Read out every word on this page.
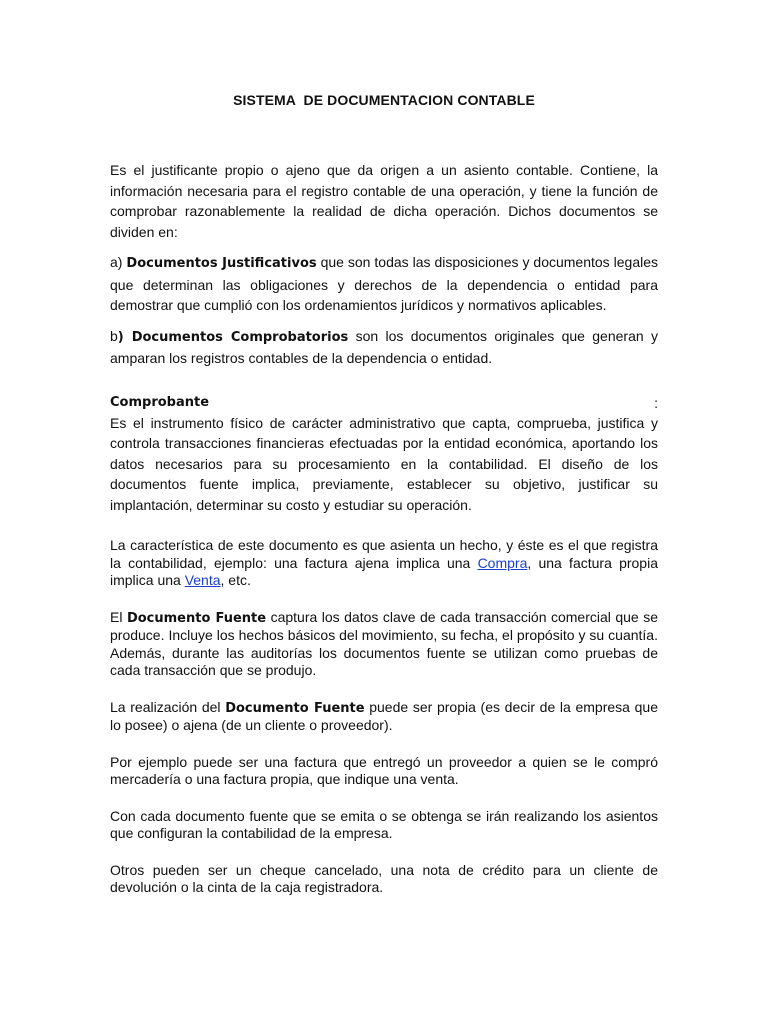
SISTEMA  DE DOCUMENTACION CONTABLE

Es el justificante propio o ajeno que da origen a un asiento contable. Contiene, la información necesaria para el registro contable de una operación, y tiene la función de comprobar razonablemente la realidad de dicha operación. Dichos documentos se dividen en:

a) Documentos Justificativos que son todas las disposiciones y documentos legales que determinan las obligaciones y derechos de la dependencia o entidad para demostrar que cumplió con los ordenamientos jurídicos y normativos aplicables.

b) Documentos Comprobatorios son los documentos originales que generan y amparan los registros contables de la dependencia o entidad.

Comprobante	:

Es el instrumento físico de carácter administrativo que capta, comprueba, justifica y controla transacciones financieras efectuadas por la entidad económica, aportando los datos necesarios para su procesamiento en la contabilidad. El diseño de los documentos fuente implica, previamente, establecer su objetivo, justificar su implantación, determinar su costo y estudiar su operación.

La característica de este documento es que asienta un hecho, y éste es el que registra la contabilidad, ejemplo: una factura ajena implica una Compra, una factura propia implica una Venta, etc.

El Documento Fuente captura los datos clave de cada transacción comercial que se produce. Incluye los hechos básicos del movimiento, su fecha, el propósito y su cuantía. Además, durante las auditorías los documentos fuente se utilizan como pruebas de cada transacción que se produjo.

La realización del Documento Fuente puede ser propia (es decir de la empresa que lo posee) o ajena (de un cliente o proveedor).

Por ejemplo puede ser una factura que entregó un proveedor a quien se le compró mercadería o una factura propia, que indique una venta.

Con cada documento fuente que se emita o se obtenga se irán realizando los asientos que configuran la contabilidad de la empresa.

Otros pueden ser un cheque cancelado, una nota de crédito para un cliente de devolución o la cinta de la caja registradora.
